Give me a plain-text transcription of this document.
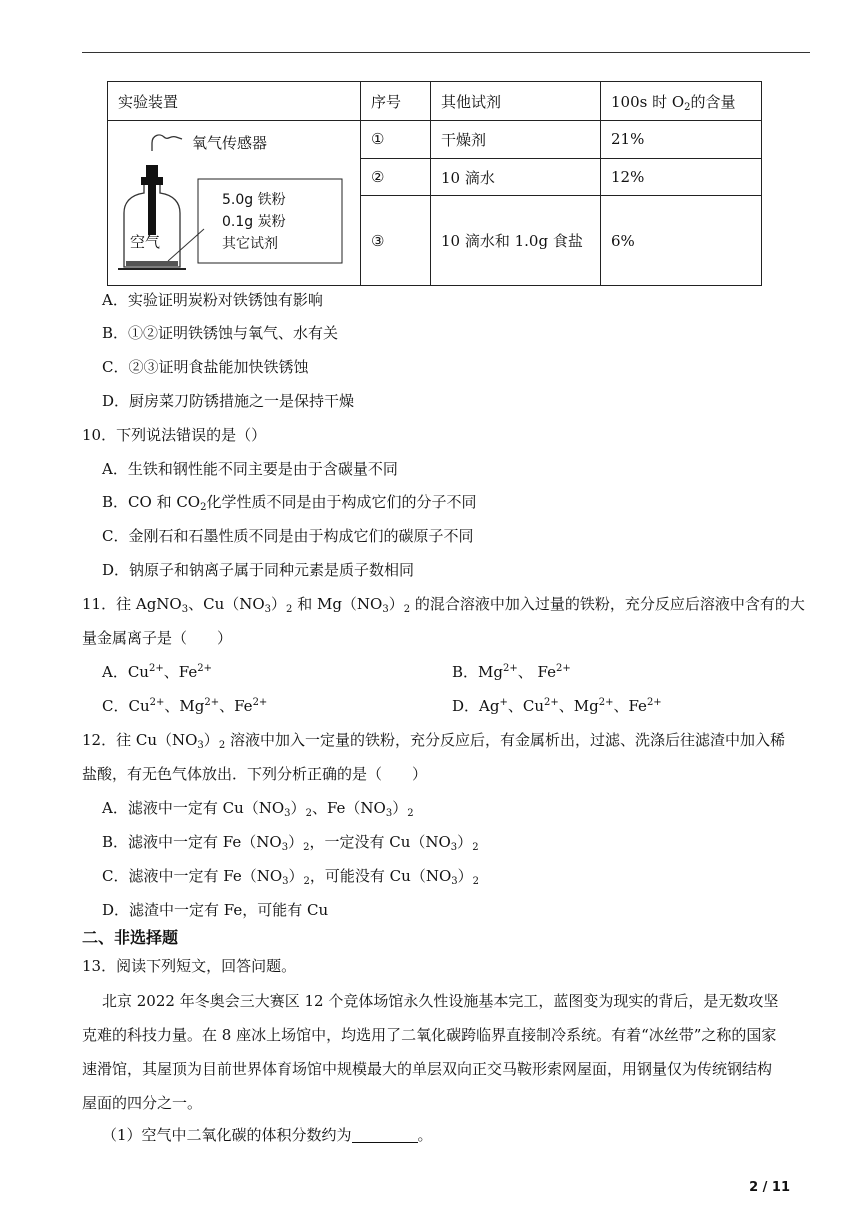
实验装置	序号	其他试剂	100s 时 $O_2$的含量

氧气传感器
5.0g 铁粉
0.1g 炭粉
其它试剂
空气	①	干燥剂	21%
	②	10 滴水	12%
	③	10 滴水和 1.0g 食盐	6%
A．实验证明炭粉对铁锈蚀有影响
B．①②证明铁锈蚀与氧气、水有关
C．②③证明食盐能加快铁锈蚀
D．厨房菜刀防锈措施之一是保持干燥
10．下列说法错误的是（）
A．生铁和钢性能不同主要是由于含碳量不同
B．CO 和 $CO_2$化学性质不同是由于构成它们的分子不同
C．金刚石和石墨性质不同是由于构成它们的碳原子不同
D．钠原子和钠离子属于同种元素是质子数相同
11．往 AgNO$_3$、$Cu(NO_3)_2$ 和 $Mg(NO_3)_2$ 的混合溶液中加入过量的铁粉，充分反应后溶液中含有的大
量金属离子是（　　）
A．$Cu^{2+}$、$Fe^{2+}$	B．$Mg^{2+}$、 $Fe^{2+}$
C．$Cu^{2+}$、$Mg^{2+}$、$Fe^{2+}$	D．Ag+、$Cu^{2+}$、$Mg^{2+}$、$Fe^{2+}$
12．往 $Cu(NO_3)_2$ 溶液中加入一定量的铁粉，充分反应后，有金属析出，过滤、洗涤后往滤渣中加入稀
盐酸，有无色气体放出．下列分析正确的是（　　）
A．滤液中一定有 $Cu(NO_3)_2$、$Fe(NO_3)_2$
B．滤液中一定有 $Fe(NO_3)_2$，一定没有 $Cu(NO_3)_2$
C．滤液中一定有 $Fe(NO_3)_2$，可能没有 $Cu(NO_3)_2$
D．滤渣中一定有 Fe，可能有 Cu
二、非选择题
13．阅读下列短文，回答问题。
北京 2022 年冬奥会三大赛区 12 个竞体场馆永久性设施基本完工，蓝图变为现实的背后，是无数攻坚
克难的科技力量。在 8 座冰上场馆中，均选用了二氧化碳跨临界直接制冷系统。有着“冰丝带”之称的国家
速滑馆，其屋顶为目前世界体育场馆中规模最大的单层双向正交马鞍形索网屋面，用钢量仅为传统钢结构
屋面的四分之一。
（1）空气中二氧化碳的体积分数约为	。
2 / 11
